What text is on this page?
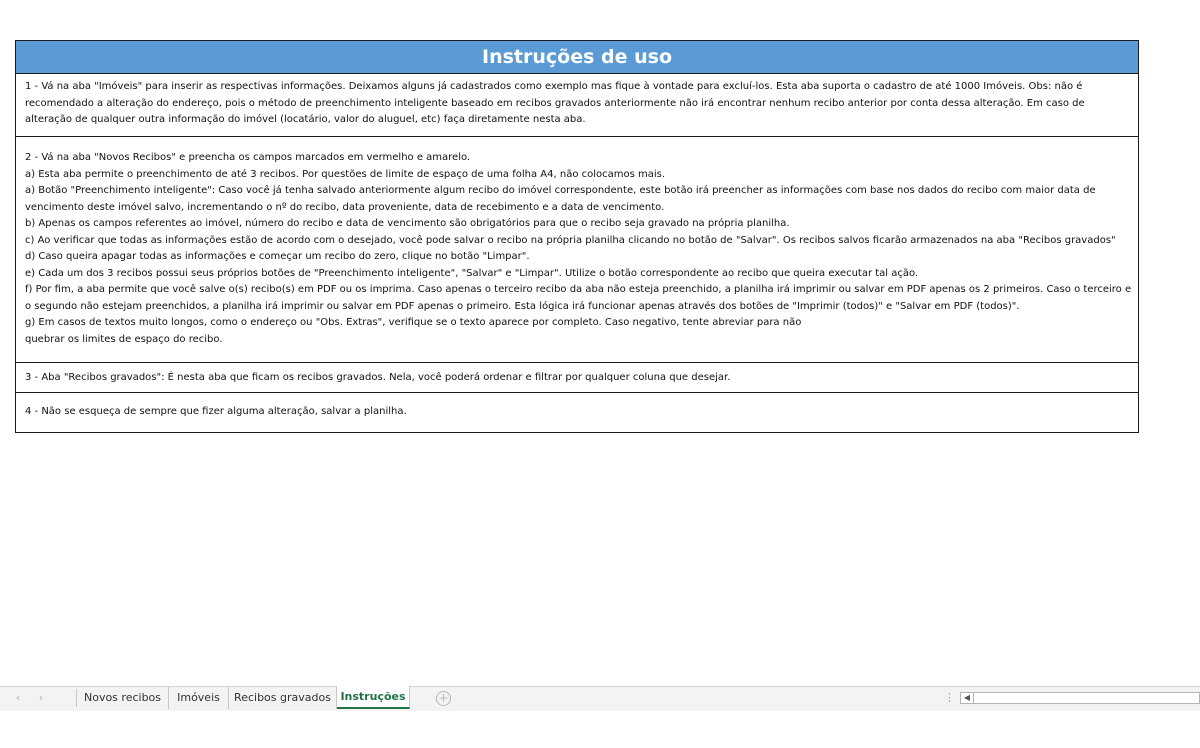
Instruções de uso

1 - Vá na aba "Imóveis" para inserir as respectivas informações. Deixamos alguns já cadastrados como exemplo mas fique à vontade para excluí-los. Esta aba suporta o cadastro de até 1000 Imóveis. Obs: não é

recomendado a alteração do endereço, pois o método de preenchimento inteligente baseado em recibos gravados anteriormente não irá encontrar nenhum recibo anterior por conta dessa alteração. Em caso de

alteração de qualquer outra informação do imóvel (locatário, valor do aluguel, etc) faça diretamente nesta aba.

2 - Vá na aba "Novos Recibos" e preencha os campos marcados em vermelho e amarelo.

a) Esta aba permite o preenchimento de até 3 recibos. Por questões de limite de espaço de uma folha A4, não colocamos mais.

a) Botão "Preenchimento inteligente": Caso você já tenha salvado anteriormente algum recibo do imóvel correspondente, este botão irá preencher as informações com base nos dados do recibo com maior data de

vencimento deste imóvel salvo, incrementando o nº do recibo, data proveniente, data de recebimento e a data de vencimento.

b) Apenas os campos referentes ao imóvel, número do recibo e data de vencimento são obrigatórios para que o recibo seja gravado na própria planilha.

c) Ao verificar que todas as informações estão de acordo com o desejado, você pode salvar o recibo na própria planilha clicando no botão de "Salvar". Os recibos salvos ficarão armazenados na aba "Recibos gravados"

d) Caso queira apagar todas as informações e começar um recibo do zero, clique no botão "Limpar".

e) Cada um dos 3 recibos possui seus próprios botões de "Preenchimento inteligente", "Salvar" e "Limpar". Utilize o botão correspondente ao recibo que queira executar tal ação.

f) Por fim, a aba permite que você salve o(s) recibo(s) em PDF ou os imprima. Caso apenas o terceiro recibo da aba não esteja preenchido, a planilha irá imprimir ou salvar em PDF apenas os 2 primeiros. Caso o terceiro e

o segundo não estejam preenchidos, a planilha irá imprimir ou salvar em PDF apenas o primeiro. Esta lógica irá funcionar apenas através dos botões de "Imprimir (todos)" e "Salvar em PDF (todos)".

g) Em casos de textos muito longos, como o endereço ou "Obs. Extras", verifique se o texto aparece por completo. Caso negativo, tente abreviar para não

quebrar os limites de espaço do recibo.

3 - Aba "Recibos gravados": É nesta aba que ficam os recibos gravados. Nela, você poderá ordenar e filtrar por qualquer coluna que desejar.

4 - Não se esqueça de sempre que fizer alguma alteração, salvar a planilha.

‹	›	Novos recibos	Imóveis	Recibos gravados Instruções	+	⋮	◀
